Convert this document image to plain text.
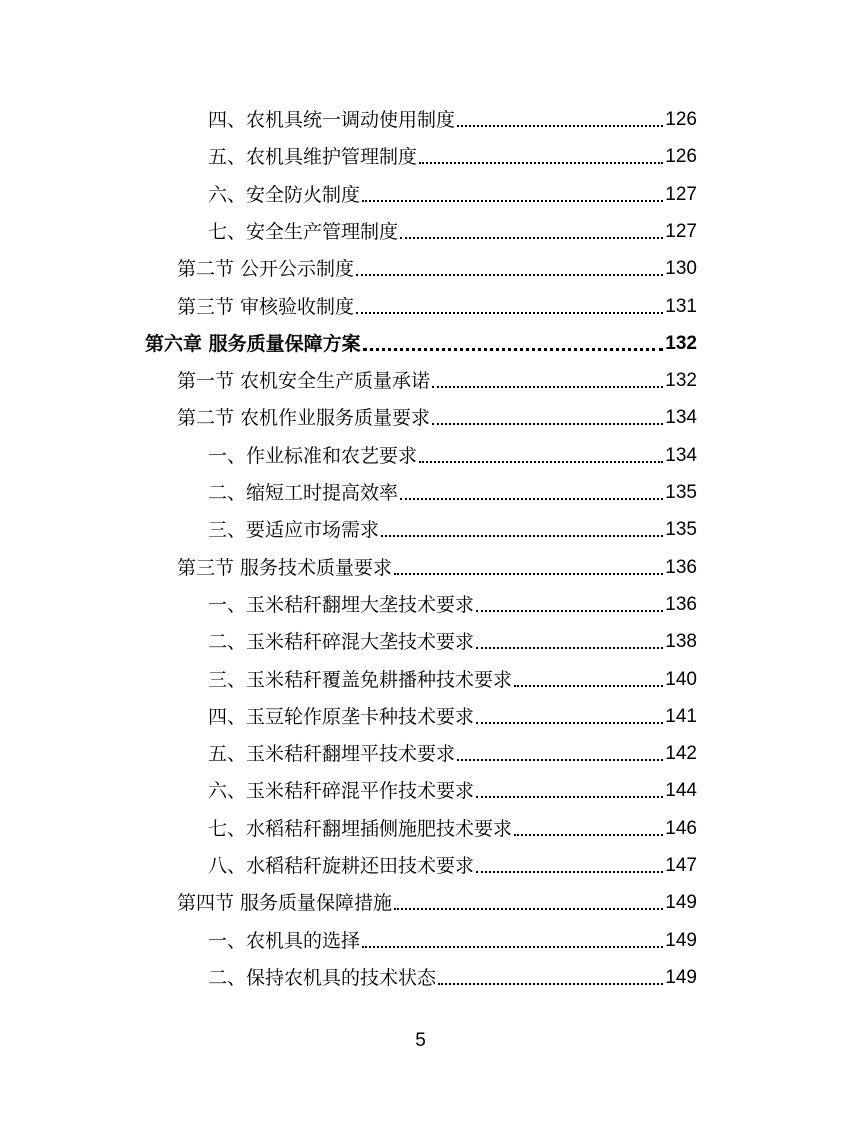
四、农机具统一调动使用制度	126
五、农机具维护管理制度	126
六、安全防火制度	127
七、安全生产管理制度	127
第二节 公开公示制度	130
第三节 审核验收制度	131
第六章 服务质量保障方案	132
第一节 农机安全生产质量承诺	132
第二节 农机作业服务质量要求	134
一、作业标准和农艺要求	134
二、缩短工时提高效率	135
三、要适应市场需求	135
第三节 服务技术质量要求	136
一、玉米秸秆翻埋大垄技术要求	136
二、玉米秸秆碎混大垄技术要求	138
三、玉米秸秆覆盖免耕播种技术要求	140
四、玉豆轮作原垄卡种技术要求	141
五、玉米秸秆翻埋平技术要求	142
六、玉米秸秆碎混平作技术要求	144
七、水稻秸秆翻埋插侧施肥技术要求	146
八、水稻秸秆旋耕还田技术要求	147
第四节 服务质量保障措施	149
一、农机具的选择	149
二、保持农机具的技术状态	149
5
